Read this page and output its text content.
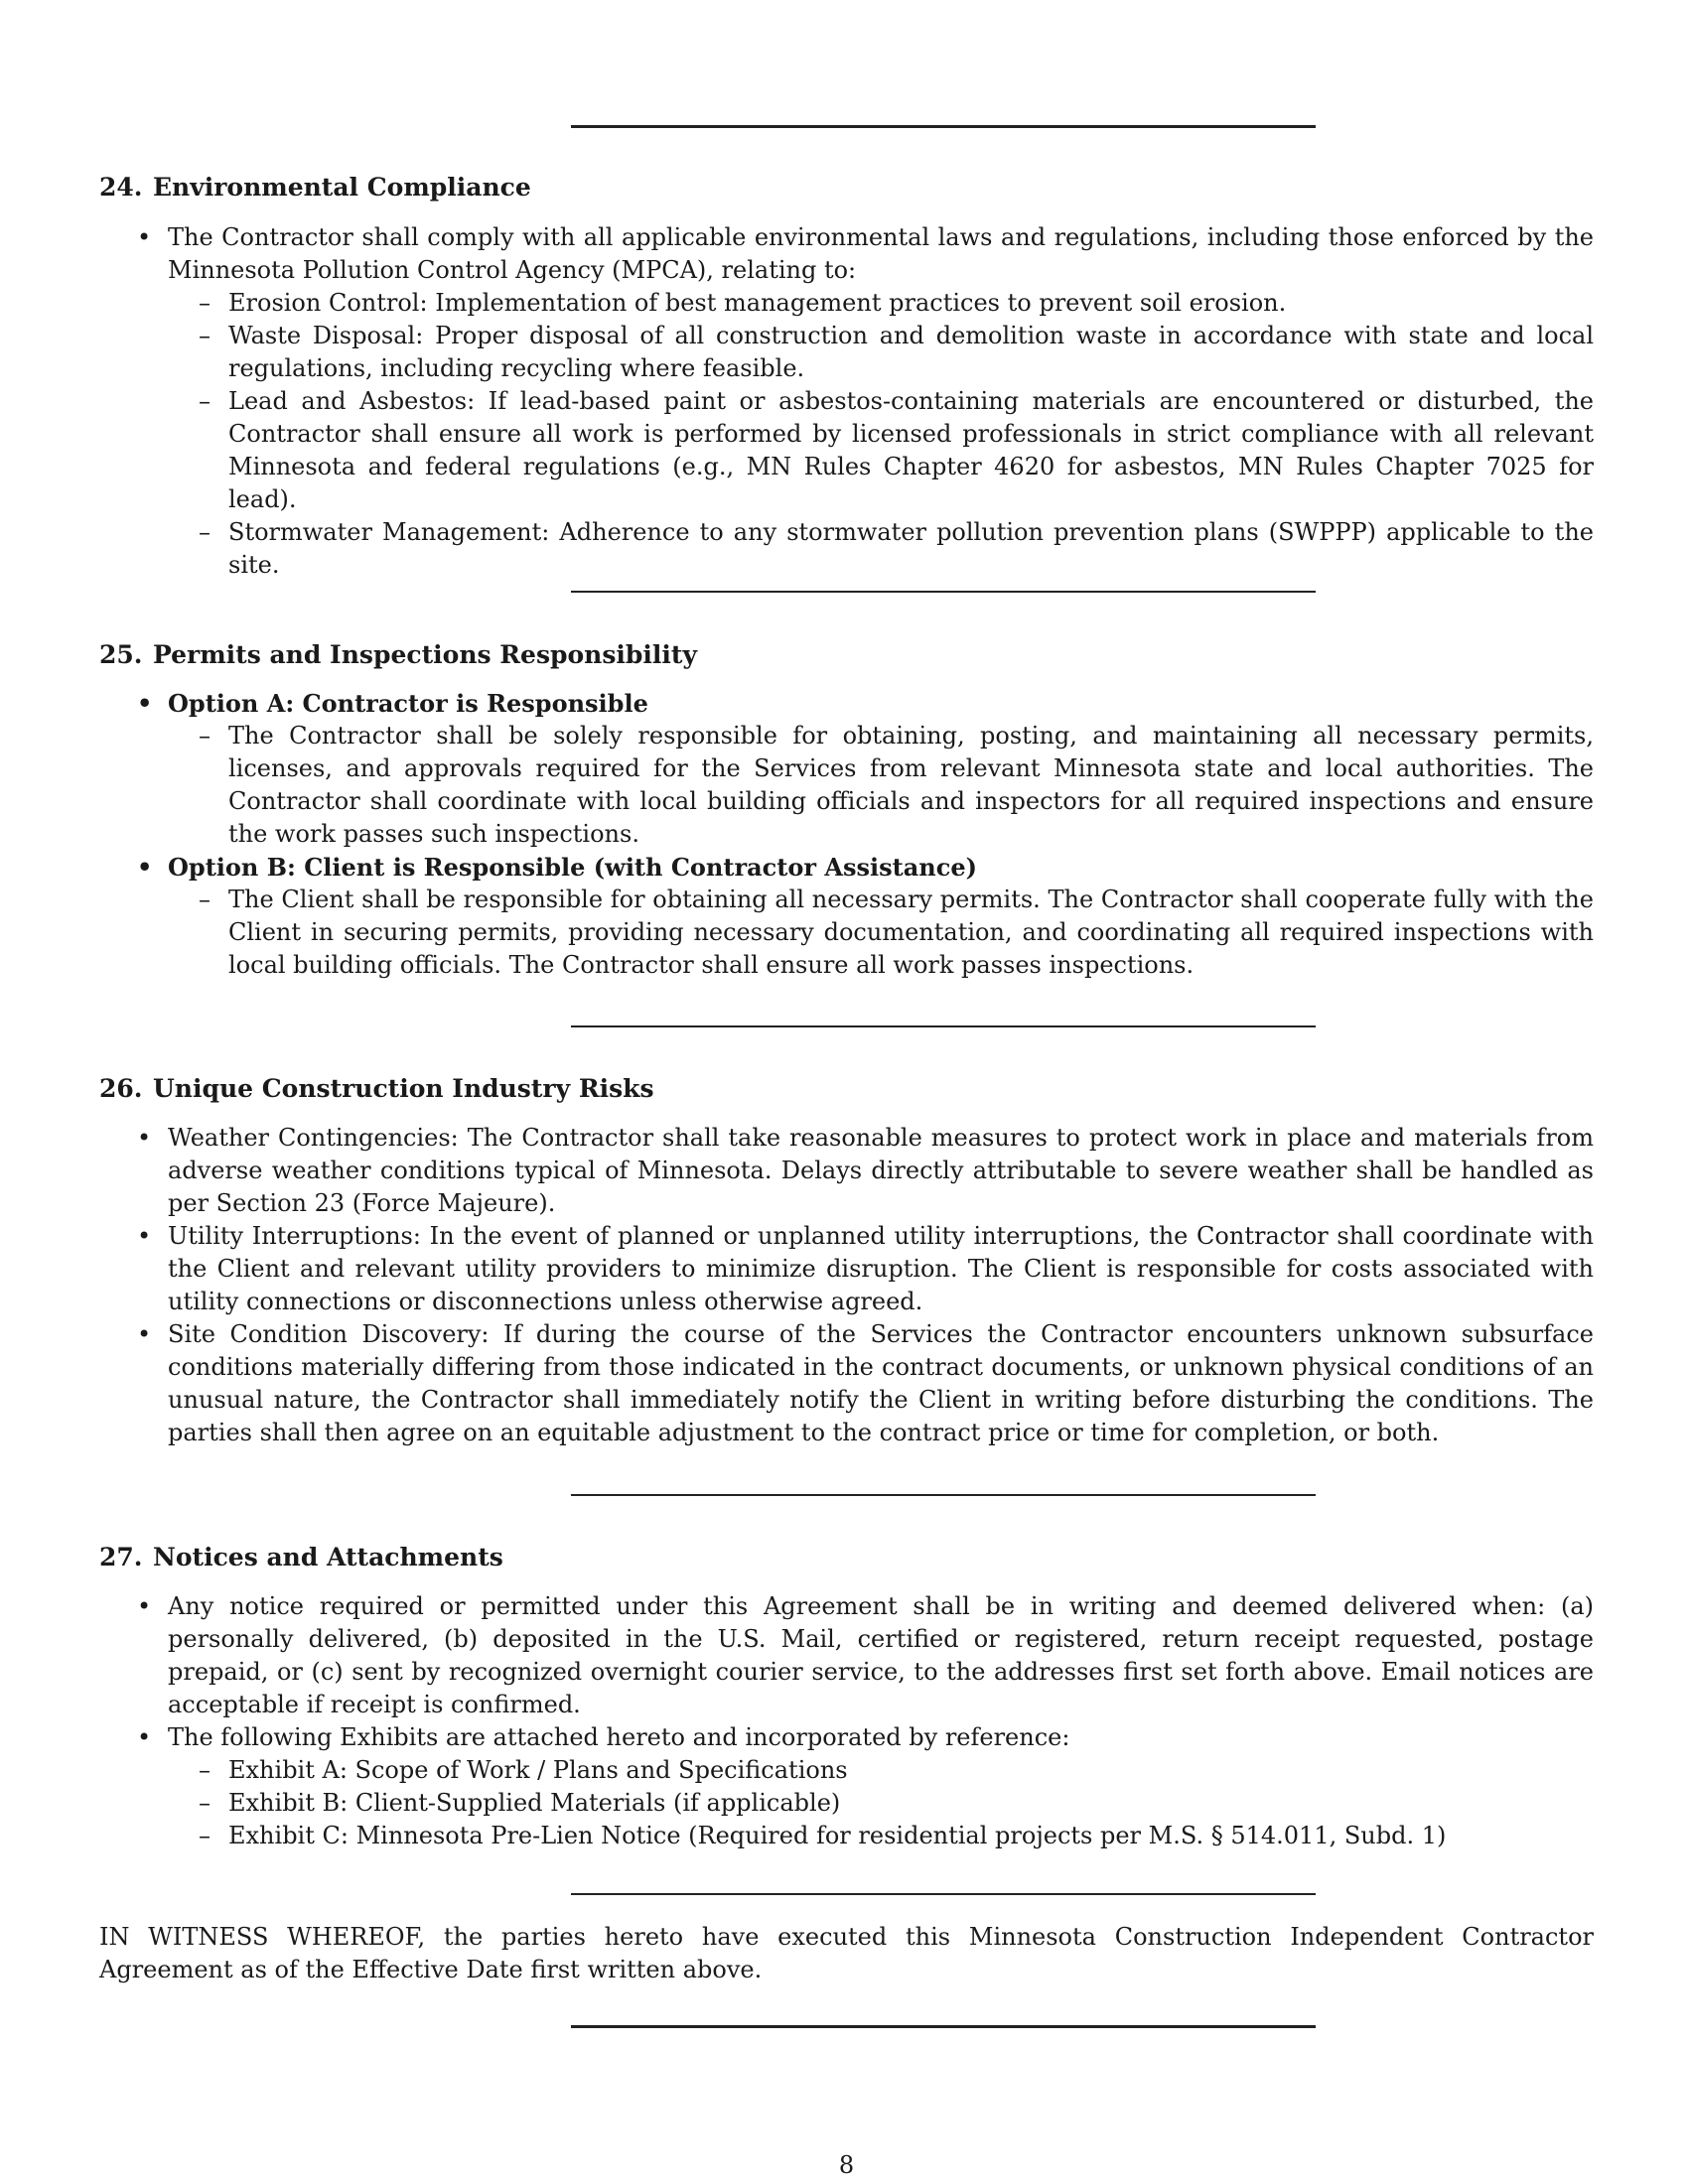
24. Environmental Compliance
• The Contractor shall comply with all applicable environmental laws and regulations, including those enforced by the Minnesota Pollution Control Agency (MPCA), relating to:
– Erosion Control: Implementation of best management practices to prevent soil erosion.
– Waste Disposal: Proper disposal of all construction and demolition waste in accordance with state and local regulations, including recycling where feasible.
– Lead and Asbestos: If lead-based paint or asbestos-containing materials are encountered or disturbed, the Contractor shall ensure all work is performed by licensed professionals in strict compliance with all relevant Minnesota and federal regulations (e.g., MN Rules Chapter 4620 for asbestos, MN Rules Chapter 7025 for lead).
– Stormwater Management: Adherence to any stormwater pollution prevention plans (SWPPP) applicable to the site.
25. Permits and Inspections Responsibility
• Option A: Contractor is Responsible
– The Contractor shall be solely responsible for obtaining, posting, and maintaining all necessary permits, licenses, and approvals required for the Services from relevant Minnesota state and local authorities. The Contractor shall coordinate with local building officials and inspectors for all required inspections and ensure the work passes such inspections.
• Option B: Client is Responsible (with Contractor Assistance)
– The Client shall be responsible for obtaining all necessary permits. The Contractor shall cooperate fully with the Client in securing permits, providing necessary documentation, and coordinating all required inspections with local building officials. The Contractor shall ensure all work passes inspections.
26. Unique Construction Industry Risks
• Weather Contingencies: The Contractor shall take reasonable measures to protect work in place and materials from adverse weather conditions typical of Minnesota. Delays directly attributable to severe weather shall be handled as per Section 23 (Force Majeure).
• Utility Interruptions: In the event of planned or unplanned utility interruptions, the Contractor shall coordinate with the Client and relevant utility providers to minimize disruption. The Client is responsible for costs associated with utility connections or disconnections unless otherwise agreed.
• Site Condition Discovery: If during the course of the Services the Contractor encounters unknown subsurface conditions materially differing from those indicated in the contract documents, or unknown physical conditions of an unusual nature, the Contractor shall immediately notify the Client in writing before disturbing the conditions. The parties shall then agree on an equitable adjustment to the contract price or time for completion, or both.
27. Notices and Attachments
• Any notice required or permitted under this Agreement shall be in writing and deemed delivered when: (a) personally delivered, (b) deposited in the U.S. Mail, certified or registered, return receipt requested, postage prepaid, or (c) sent by recognized overnight courier service, to the addresses first set forth above. Email notices are acceptable if receipt is confirmed.
• The following Exhibits are attached hereto and incorporated by reference:
– Exhibit A: Scope of Work / Plans and Specifications
– Exhibit B: Client-Supplied Materials (if applicable)
– Exhibit C: Minnesota Pre-Lien Notice (Required for residential projects per M.S. § 514.011, Subd. 1)
IN WITNESS WHEREOF, the parties hereto have executed this Minnesota Construction Independent Contractor Agreement as of the Effective Date first written above.
8
